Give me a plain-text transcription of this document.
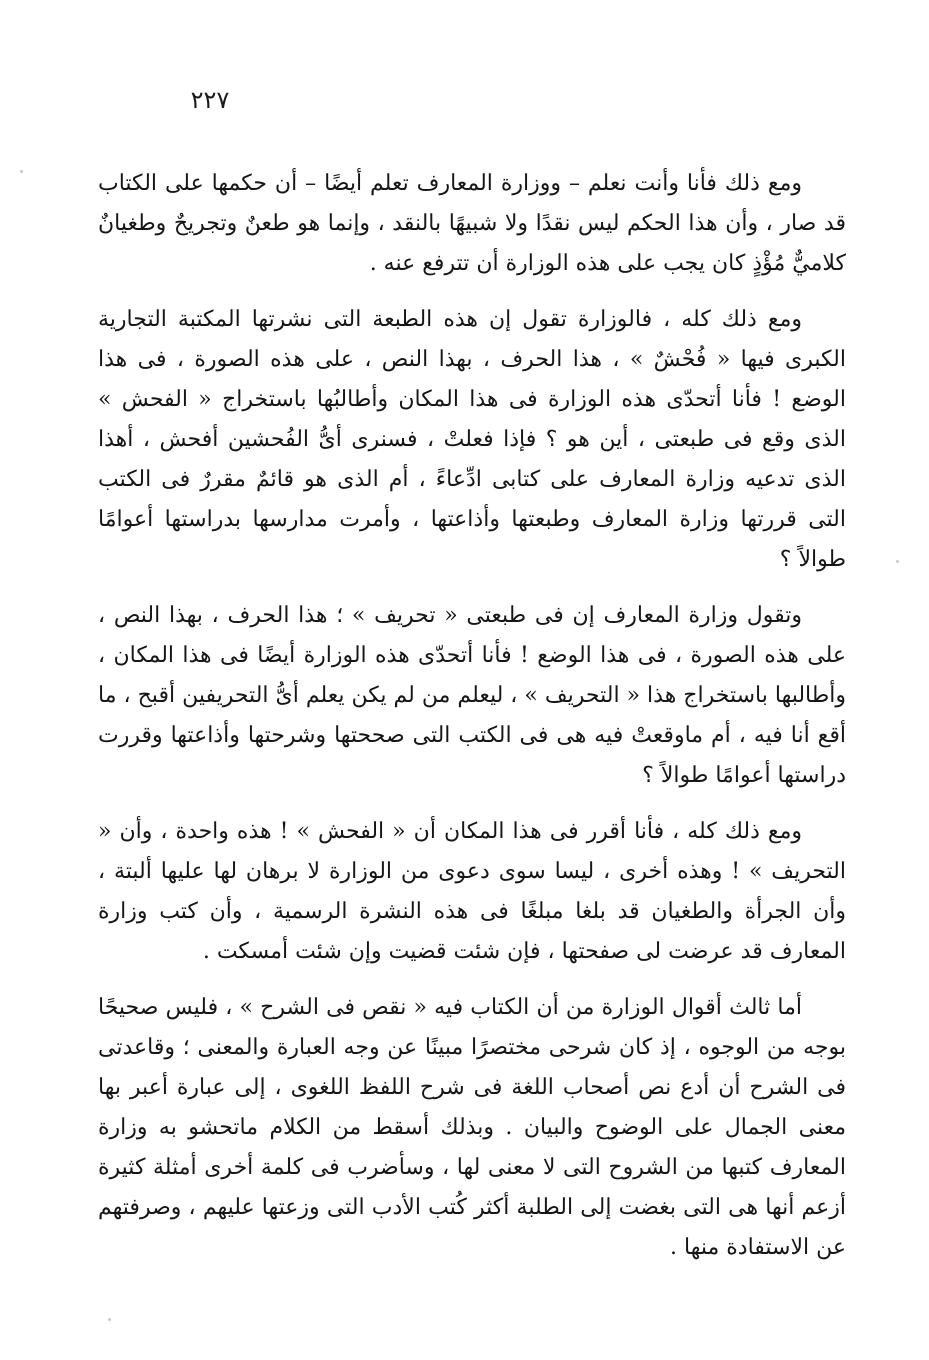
٢٢٧

ومع ذلك فأنا وأنت نعلم – ووزارة المعارف تعلم أيضًا – أن حكمها على الكتاب قد صار ، وأن هذا الحكم ليس نقدًا ولا شبيهًا بالنقد ، وإنما هو طعنٌ وتجريحٌ وطغيانٌ كلاميٌّ مُؤْذٍ كان يجب على هذه الوزارة أن تترفع عنه .

ومع ذلك كله ، فالوزارة تقول إن هذه الطبعة التى نشرتها المكتبة التجارية الكبرى فيها « فُحْشٌ » ، هذا الحرف ، بهذا النص ، على هذه الصورة ، فى هذا الوضع ! فأنا أتحدّى هذه الوزارة فى هذا المكان وأطالبُها باستخراج « الفحش » الذى وقع فى طبعتى ، أين هو ؟ فإذا فعلتْ ، فسنرى أىُّ الفُحشين أفحش ، أهذا الذى تدعيه وزارة المعارف على كتابى ادِّعاءً ، أم الذى هو قائمٌ مقررٌ فى الكتب التى قررتها وزارة المعارف وطبعتها وأذاعتها ، وأمرت مدارسها بدراستها أعوامًا طوالاً ؟

وتقول وزارة المعارف إن فى طبعتى « تحريف » ؛ هذا الحرف ، بهذا النص ، على هذه الصورة ، فى هذا الوضع ! فأنا أتحدّى هذه الوزارة أيضًا فى هذا المكان ، وأطالبها باستخراج هذا « التحريف » ، ليعلم من لم يكن يعلم أىُّ التحريفين أقبح ، ما أقع أنا فيه ، أم ماوقعتْ فيه هى فى الكتب التى صححتها وشرحتها وأذاعتها وقررت دراستها أعوامًا طوالاً ؟

ومع ذلك كله ، فأنا أقرر فى هذا المكان أن « الفحش » ! هذه واحدة ، وأن « التحريف » ! وهذه أخرى ، ليسا سوى دعوى من الوزارة لا برهان لها عليها ألبتة ، وأن الجرأة والطغيان قد بلغا مبلغًا فى هذه النشرة الرسمية ، وأن كتب وزارة المعارف قد عرضت لى صفحتها ، فإن شئت قضيت وإن شئت أمسكت .

أما ثالث أقوال الوزارة من أن الكتاب فيه « نقص فى الشرح » ، فليس صحيحًا بوجه من الوجوه ، إذ كان شرحى مختصرًا مبينًا عن وجه العبارة والمعنى ؛ وقاعدتى فى الشرح أن أدع نص أصحاب اللغة فى شرح اللفظ اللغوى ، إلى عبارة أعبر بها معنى الجمال على الوضوح والبيان . وبذلك أسقط من الكلام ماتحشو به وزارة المعارف كتبها من الشروح التى لا معنى لها ، وسأضرب فى كلمة أخرى أمثلة كثيرة أزعم أنها هى التى بغضت إلى الطلبة أكثر كُتب الأدب التى وزعتها عليهم ، وصرفتهم عن الاستفادة منها .
